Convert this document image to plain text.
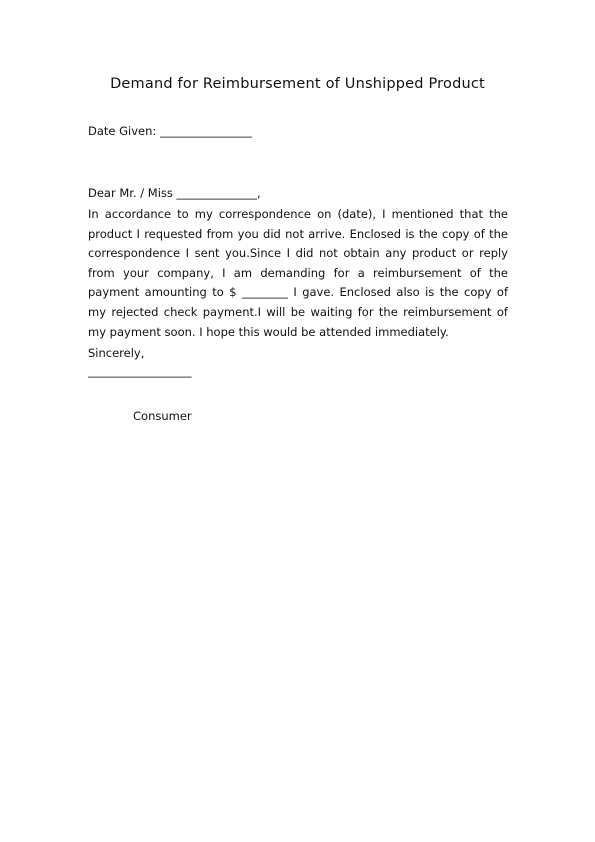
Demand for Reimbursement of Unshipped Product
Date Given: ________________
Dear Mr. / Miss ______________,
In accordance to my correspondence on (date), I mentioned that the product I requested from you did not arrive. Enclosed is the copy of the correspondence I sent you.Since I did not obtain any product or reply from your company, I am demanding for a reimbursement of the payment amounting to $ ________ I gave. Enclosed also is the copy of my rejected check payment.I will be waiting for the reimbursement of my payment soon. I hope this would be attended immediately.
Sincerely,
__________________
Consumer
